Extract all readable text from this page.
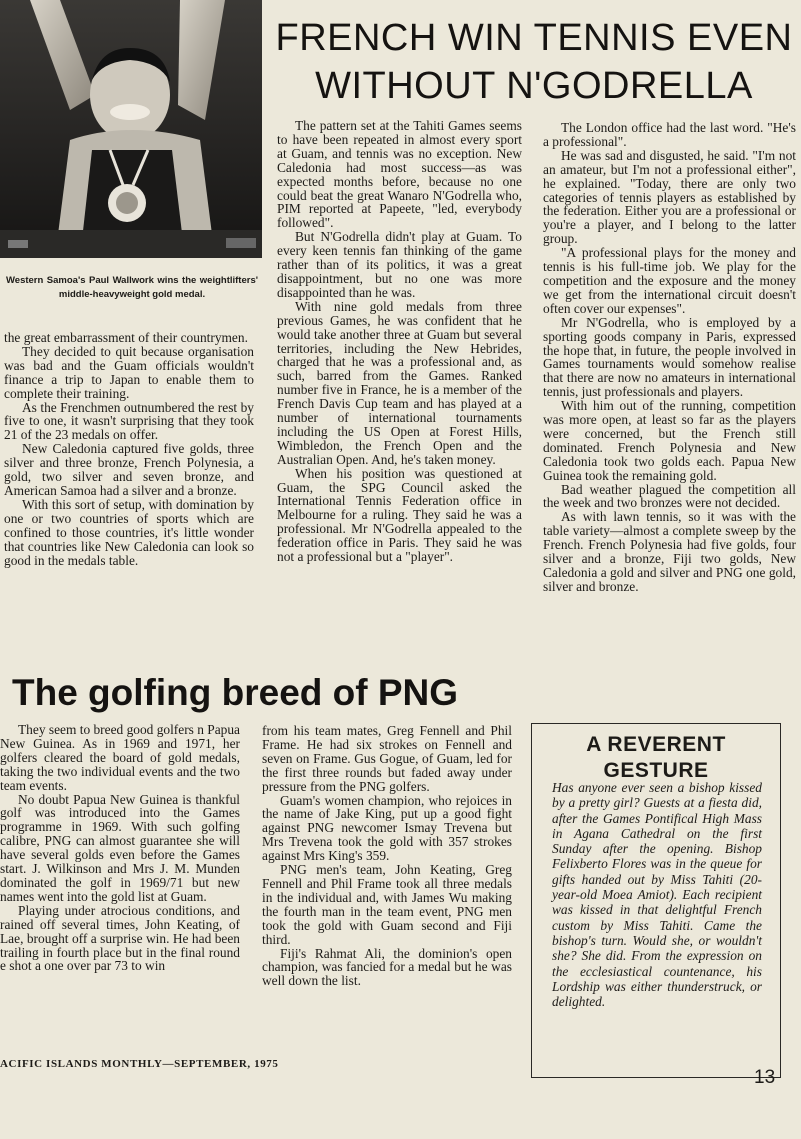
Western Samoa's Paul Wallwork wins the weightlifters' middle-heavyweight gold medal.
FRENCH WIN TENNIS EVEN
WITHOUT N'GODRELLA

the great embarrassment of their countrymen.

They decided to quit because organisation was bad and the Guam officials wouldn't finance a trip to Japan to enable them to complete their training.

As the Frenchmen outnumbered the rest by five to one, it wasn't surprising that they took 21 of the 23 medals on offer.

New Caledonia captured five golds, three silver and three bronze, French Polynesia, a gold, two silver and seven bronze, and American Samoa had a silver and a bronze.

With this sort of setup, with domination by one or two countries of sports which are confined to those countries, it's little wonder that countries like New Caledonia can look so good in the medals table.

The pattern set at the Tahiti Games seems to have been repeated in almost every sport at Guam, and tennis was no exception. New Caledonia had most success—as was expected months before, because no one could beat the great Wanaro N'Godrella who, PIM reported at Papeete, "led, everybody followed".

But N'Godrella didn't play at Guam. To every keen tennis fan thinking of the game rather than of its politics, it was a great disappointment, but no one was more disappointed than he was.

With nine gold medals from three previous Games, he was confident that he would take another three at Guam but several territories, including the New Hebrides, charged that he was a professional and, as such, barred from the Games. Ranked number five in France, he is a member of the French Davis Cup team and has played at a number of international tournaments including the US Open at Forest Hills, Wimbledon, the French Open and the Australian Open. And, he's taken money.

When his position was questioned at Guam, the SPG Council asked the International Tennis Federation office in Melbourne for a ruling. They said he was a professional. Mr N'Godrella appealed to the federation office in Paris. They said he was not a professional but a "player".

The London office had the last word. "He's a professional".

He was sad and disgusted, he said. "I'm not an amateur, but I'm not a professional either", he explained. "Today, there are only two categories of tennis players as established by the federation. Either you are a professional or you're a player, and I belong to the latter group.

"A professional plays for the money and tennis is his full-time job. We play for the competition and the exposure and the money we get from the international circuit doesn't often cover our expenses".

Mr N'Godrella, who is employed by a sporting goods company in Paris, expressed the hope that, in future, the people involved in Games tournaments would somehow realise that there are now no amateurs in international tennis, just professionals and players.

With him out of the running, competition was more open, at least so far as the players were concerned, but the French still dominated. French Polynesia and New Caledonia took two golds each. Papua New Guinea took the remaining gold.

Bad weather plagued the competition all the week and two bronzes were not decided.

As with lawn tennis, so it was with the table variety—almost a complete sweep by the French. French Polynesia had five golds, four silver and a bronze, Fiji two golds, New Caledonia a gold and silver and PNG one gold, silver and bronze.

The golfing breed of PNG

They seem to breed good golfers n Papua New Guinea. As in 1969 and 1971, her golfers cleared the board of gold medals, taking the two individual events and the two team events.

No doubt Papua New Guinea is thankful golf was introduced into the Games programme in 1969. With such golfing calibre, PNG can almost guarantee she will have several golds even before the Games start. J. Wilkinson and Mrs J. M. Munden dominated the golf in 1969/71 but new names went into the gold list at Guam.

Playing under atrocious conditions, and rained off several times, John Keating, of Lae, brought off a surprise win. He had been trailing in fourth place but in the final round e shot a one over par 73 to win

from his team mates, Greg Fennell and Phil Frame. He had six strokes on Fennell and seven on Frame. Gus Gogue, of Guam, led for the first three rounds but faded away under pressure from the PNG golfers.

Guam's women champion, who rejoices in the name of Jake King, put up a good fight against PNG newcomer Ismay Trevena but Mrs Trevena took the gold with 357 strokes against Mrs King's 359.

PNG men's team, John Keating, Greg Fennell and Phil Frame took all three medals in the individual and, with James Wu making the fourth man in the team event, PNG men took the gold with Guam second and Fiji third.

Fiji's Rahmat Ali, the dominion's open champion, was fancied for a medal but he was well down the list.

A REVERENT
GESTURE
Has anyone ever seen a bishop kissed by a pretty girl? Guests at a fiesta did, after the Games Pontifical High Mass in Agana Cathedral on the first Sunday after the opening. Bishop Felixberto Flores was in the queue for gifts handed out by Miss Tahiti (20-year-old Moea Amiot). Each recipient was kissed in that delightful French custom by Miss Tahiti. Came the bishop's turn. Would she, or wouldn't she? She did. From the expression on the ecclesiastical countenance, his Lordship was either thunderstruck, or delighted.
ACIFIC ISLANDS MONTHLY—SEPTEMBER, 1975
13
